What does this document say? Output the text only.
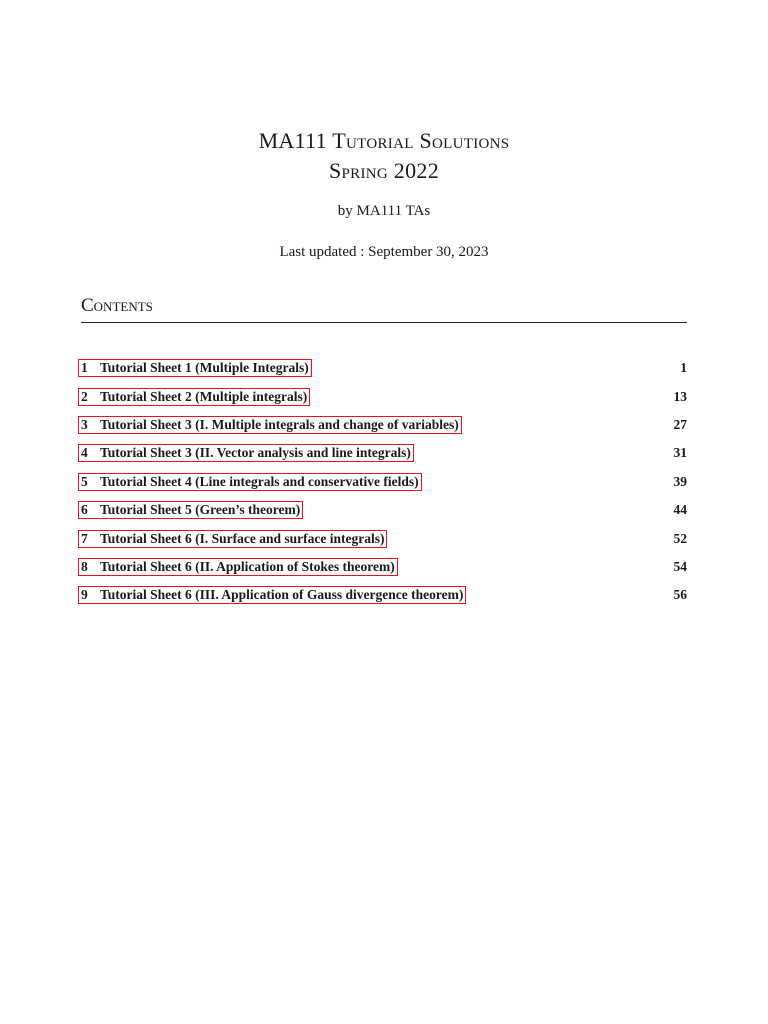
MA111 Tutorial Solutions

Spring 2022

by MA111 TAs
Last updated : September 30, 2023
Contents
1 Tutorial Sheet 1 (Multiple Integrals)	1
2 Tutorial Sheet 2 (Multiple integrals)	13
3 Tutorial Sheet 3 (I. Multiple integrals and change of variables)	27
4 Tutorial Sheet 3 (II. Vector analysis and line integrals)	31
5 Tutorial Sheet 4 (Line integrals and conservative fields)	39
6 Tutorial Sheet 5 (Green’s theorem)	44
7 Tutorial Sheet 6 (I. Surface and surface integrals)	52
8 Tutorial Sheet 6 (II. Application of Stokes theorem)	54
9 Tutorial Sheet 6 (III. Application of Gauss divergence theorem)	56
